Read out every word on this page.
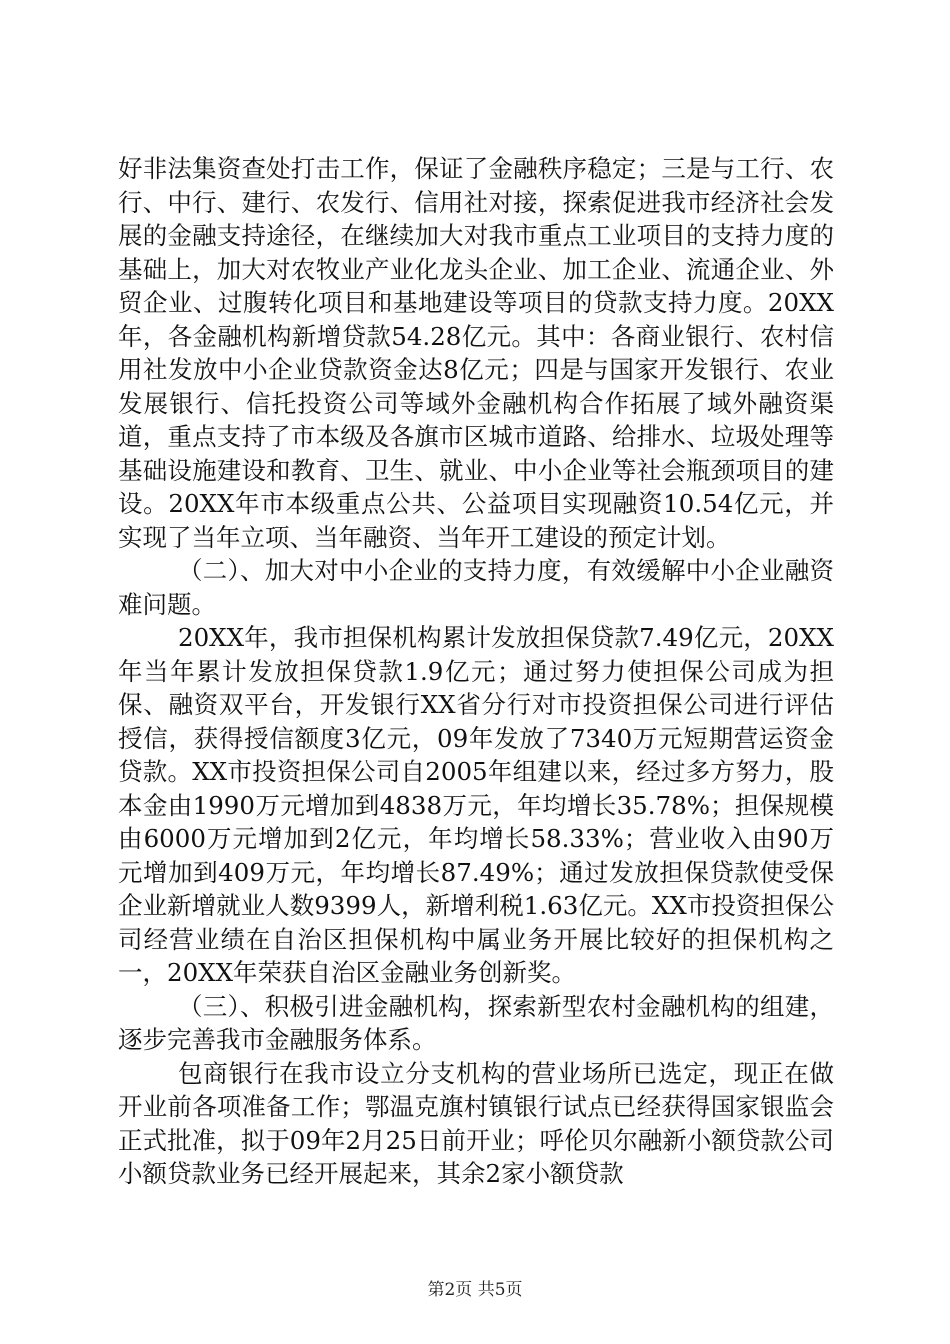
好非法集资查处打击工作，保证了金融秩序稳定；三是与工行、农行、中行、建行、农发行、信用社对接，探索促进我市经济社会发展的金融支持途径，在继续加大对我市重点工业项目的支持力度的基础上，加大对农牧业产业化龙头企业、加工企业、流通企业、外贸企业、过腹转化项目和基地建设等项目的贷款支持力度。20XX年，各金融机构新增贷款54.28亿元。其中：各商业银行、农村信用社发放中小企业贷款资金达8亿元；四是与国家开发银行、农业发展银行、信托投资公司等域外金融机构合作拓展了域外融资渠道，重点支持了市本级及各旗市区城市道路、给排水、垃圾处理等基础设施建设和教育、卫生、就业、中小企业等社会瓶颈项目的建设。20XX年市本级重点公共、公益项目实现融资10.54亿元，并实现了当年立项、当年融资、当年开工建设的预定计划。

（二）、加大对中小企业的支持力度，有效缓解中小企业融资难问题。

20XX年，我市担保机构累计发放担保贷款7.49亿元，20XX年当年累计发放担保贷款1.9亿元；通过努力使担保公司成为担保、融资双平台，开发银行XX省分行对市投资担保公司进行评估授信，获得授信额度3亿元，09年发放了7340万元短期营运资金贷款。XX市投资担保公司自2005年组建以来，经过多方努力，股本金由1990万元增加到4838万元，年均增长35.78%；担保规模由6000万元增加到2亿元，年均增长58.33%；营业收入由90万元增加到409万元，年均增长87.49%；通过发放担保贷款使受保企业新增就业人数9399人，新增利税1.63亿元。XX市投资担保公司经营业绩在自治区担保机构中属业务开展比较好的担保机构之一，20XX年荣获自治区金融业务创新奖。

（三）、积极引进金融机构，探索新型农村金融机构的组建，逐步完善我市金融服务体系。

包商银行在我市设立分支机构的营业场所已选定，现正在做开业前各项准备工作；鄂温克旗村镇银行试点已经获得国家银监会正式批准，拟于09年2月25日前开业；呼伦贝尔融新小额贷款公司小额贷款业务已经开展起来，其余2家小额贷款

第2页 共5页
